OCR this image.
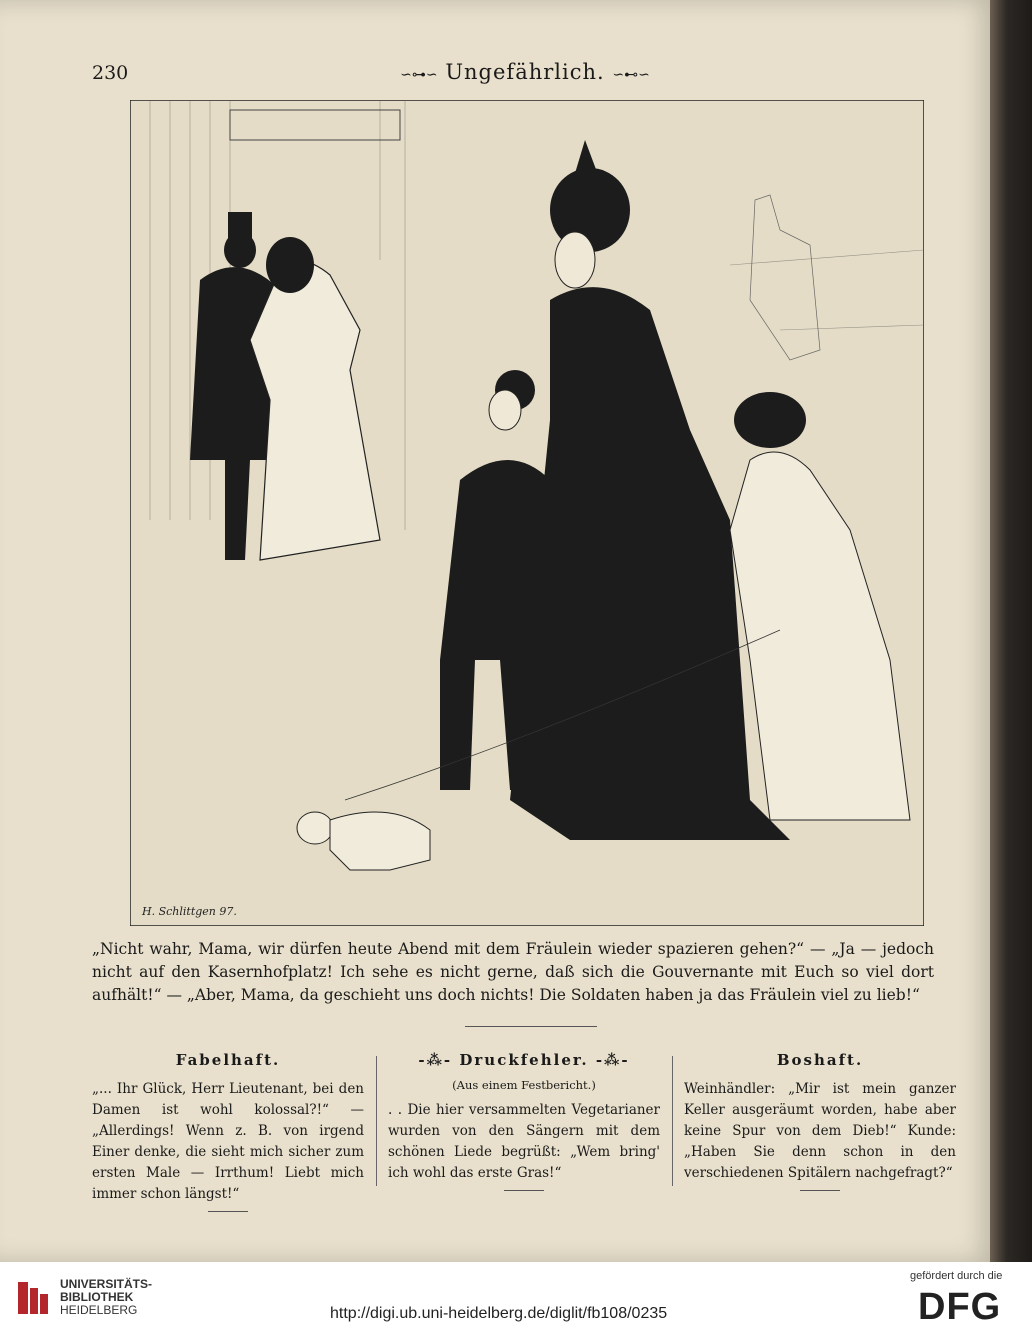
230	∽⊶∽ Ungefährlich. ∽⊷∽
H. Schlittgen 97.
„Nicht wahr, Mama, wir dürfen heute Abend mit dem Fräulein wieder spazieren gehen?“ — „Ja — jedoch nicht auf den Kasernhofplatz! Ich sehe es nicht gerne, daß sich die Gouvernante mit Euch so viel dort aufhält!“ — „Aber, Mama, da geschieht uns doch nichts! Die Soldaten haben ja das Fräulein viel zu lieb!“
Fabelhaft.

„... Ihr Glück, Herr Lieutenant, bei den Damen ist wohl kolossal?!“ — „Allerdings! Wenn z. B. von irgend Einer denke, die sieht mich sicher zum ersten Male — Irrthum! Liebt mich immer schon längst!“

-⁂- Druckfehler. -⁂-
(Aus einem Festbericht.)

. . Die hier versammelten Vegetarianer wurden von den Sängern mit dem schönen Liede begrüßt: „Wem bring' ich wohl das erste Gras!“

Boshaft.

Weinhändler: „Mir ist mein ganzer Keller ausgeräumt worden, habe aber keine Spur von dem Dieb!“ Kunde: „Haben Sie denn schon in den verschiedenen Spitälern nachgefragt?“

UNIVERSITÄTS-
BIBLIOTHEK
HEIDELBERG	http://digi.ub.uni-heidelberg.de/diglit/fb108/0235
gefördert durch die
DFG
